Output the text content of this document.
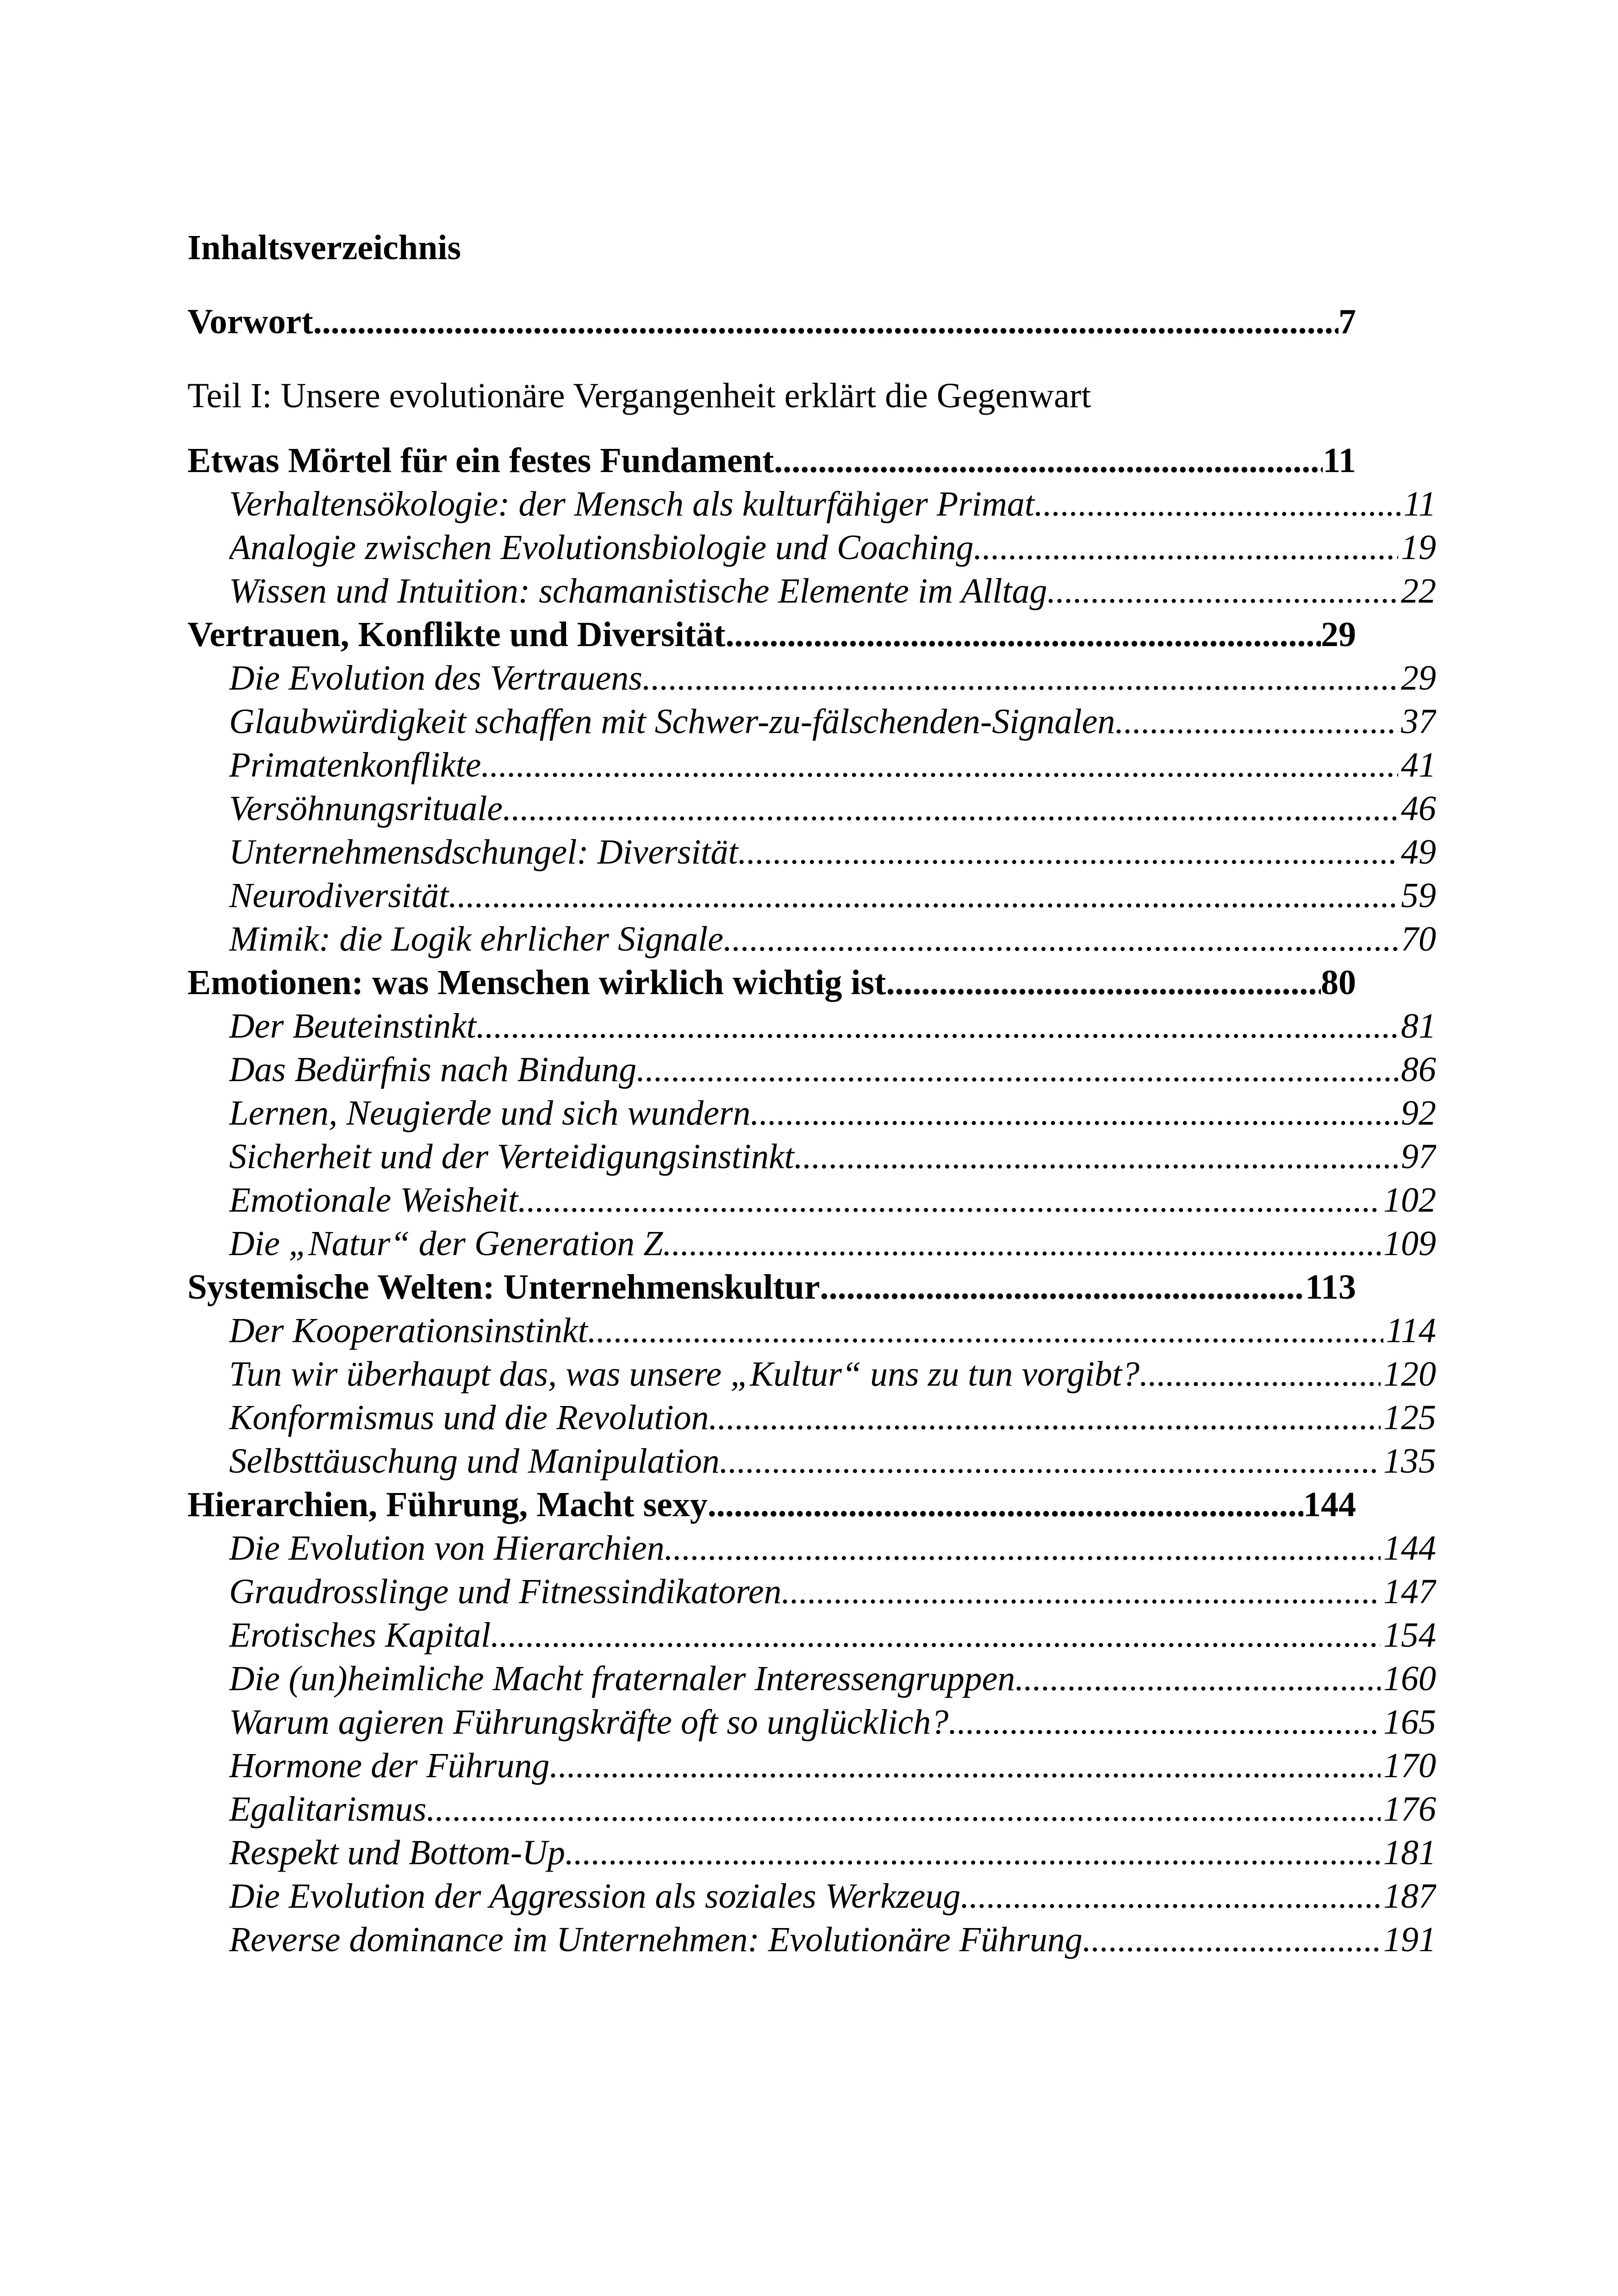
Inhaltsverzeichnis
Teil I: Unsere evolutionäre Vergangenheit erklärt die Gegenwart
Vorwort .....	7
Etwas Mörtel für ein festes Fundament .....	11
Verhaltensökologie: der Mensch als kulturfähiger Primat .....	11
Analogie zwischen Evolutionsbiologie und Coaching .....	19
Wissen und Intuition: schamanistische Elemente im Alltag .....	22
Vertrauen, Konflikte und Diversität .....	29
Die Evolution des Vertrauens .....	29
Glaubwürdigkeit schaffen mit Schwer-zu-fälschenden-Signalen .....	37
Primatenkonflikte .....	41
Versöhnungsrituale .....	46
Unternehmensdschungel: Diversität .....	49
Neurodiversität .....	59
Mimik: die Logik ehrlicher Signale .....	70
Emotionen: was Menschen wirklich wichtig ist .....	80
Der Beuteinstinkt .....	81
Das Bedürfnis nach Bindung .....	86
Lernen, Neugierde und sich wundern .....	92
Sicherheit und der Verteidigungsinstinkt .....	97
Emotionale Weisheit .....	102
Die „Natur“ der Generation Z .....	109
Systemische Welten: Unternehmenskultur .....	113
Der Kooperationsinstinkt .....	114
Tun wir überhaupt das, was unsere „Kultur“ uns zu tun vorgibt? .....	120
Konformismus und die Revolution .....	125
Selbsttäuschung und Manipulation .....	135
Hierarchien, Führung, Macht sexy .....	144
Die Evolution von Hierarchien .....	144
Graudrosslinge und Fitnessindikatoren .....	147
Erotisches Kapital .....	154
Die (un)heimliche Macht fraternaler Interessengruppen .....	160
Warum agieren Führungskräfte oft so unglücklich? .....	165
Hormone der Führung .....	170
Egalitarismus .....	176
Respekt und Bottom-Up .....	181
Die Evolution der Aggression als soziales Werkzeug .....	187
Reverse dominance im Unternehmen: Evolutionäre Führung .....	191
